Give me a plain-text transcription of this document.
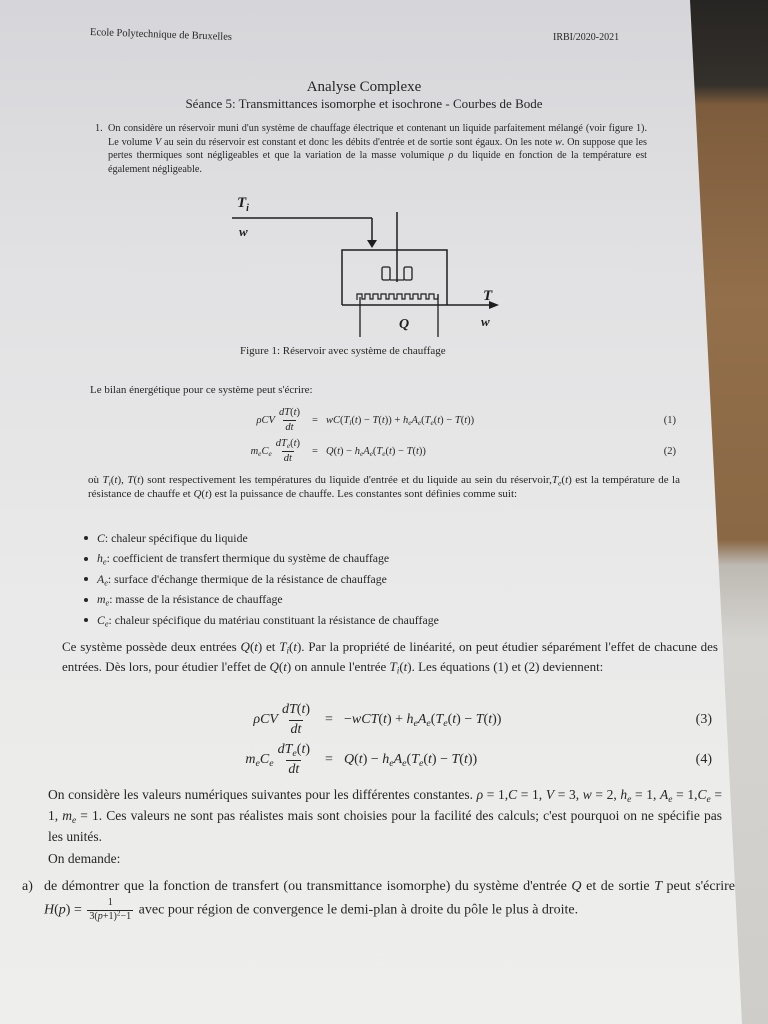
Ecole Polytechnique de Bruxelles	IRBI/2020-2021
Analyse Complexe
Séance 5: Transmittances isomorphe et isochrone - Courbes de Bode
1. On considère un réservoir muni d'un système de chauffage électrique et contenant un liquide parfaitement mélangé (voir figure 1). Le volume V au sein du réservoir est constant et donc les débits d'entrée et de sortie sont égaux. On les note w. On suppose que les pertes thermiques sont négligeables et que la variation de la masse volumique ρ du liquide en fonction de la température est également négligeable.
$T_i$
w
Q
T
w
Figure 1: Réservoir avec système de chauffage
Le bilan énergétique pour ce système peut s'écrire:
ρCV $\frac{dT(t)}{dt} = wC(T_i(t) - T(t)) + h_eA_e(T_e(t) - T(t))$	(1)
$m_eC_e \frac{dT_e(t)}{dt} = Q(t) - h_eA_e(T_e(t) - T(t))$	(2)
où $T_i(t)$, T(t) sont respectivement les températures du liquide d'entrée et du liquide au sein du $réservoir,T_e(t)$ est la température de la résistance de chauffe et Q(t) est la puissance de chauffe. Les constantes sont définies comme suit:
C: chaleur spécifique du liquide
$h_e$: coefficient de transfert thermique du système de chauffage
$A_e$: surface d'échange thermique de la résistance de chauffage
$m_e$: masse de la résistance de chauffage
$C_e$: chaleur spécifique du matériau constituant la résistance de chauffage
Ce système possède deux entrées Q(t) et $T_i(t)$. Par la propriété de linéarité, on peut étudier séparément l'effet de chacune des entrées. Dès lors, pour étudier l'effet de Q(t) on annule l'entrée $T_i(t)$. Les équations (1) et (2) deviennent:
ρCV $\frac{dT(t)}{dt} = -wCT(t) + h_eA_e(T_e(t) - T(t))$	(3)
$m_eC_e \frac{dT_e(t)}{dt} = Q(t) - h_eA_e(T_e(t) - T(t))$	(4)
On considère les valeurs numériques suivantes pour les différentes constantes. ρ = 1,C = 1, V = 3, w = 2, $h_e = 1$, $A_e = 1,C_e = 1$, $m_e = 1$. Ces valeurs ne sont pas réalistes mais sont choisies pour la facilité des calculs; c'est pourquoi on ne spécifie pas les unités.
On demande:
a) de démontrer que la fonction de transfert (ou transmittance isomorphe) du système d'entrée Q et de sortie T peut s'écrire $H(p) = \frac{1}{3(p+1)^2-1}$ avec pour région de convergence le demi-plan à droite du pôle le plus à droite.
